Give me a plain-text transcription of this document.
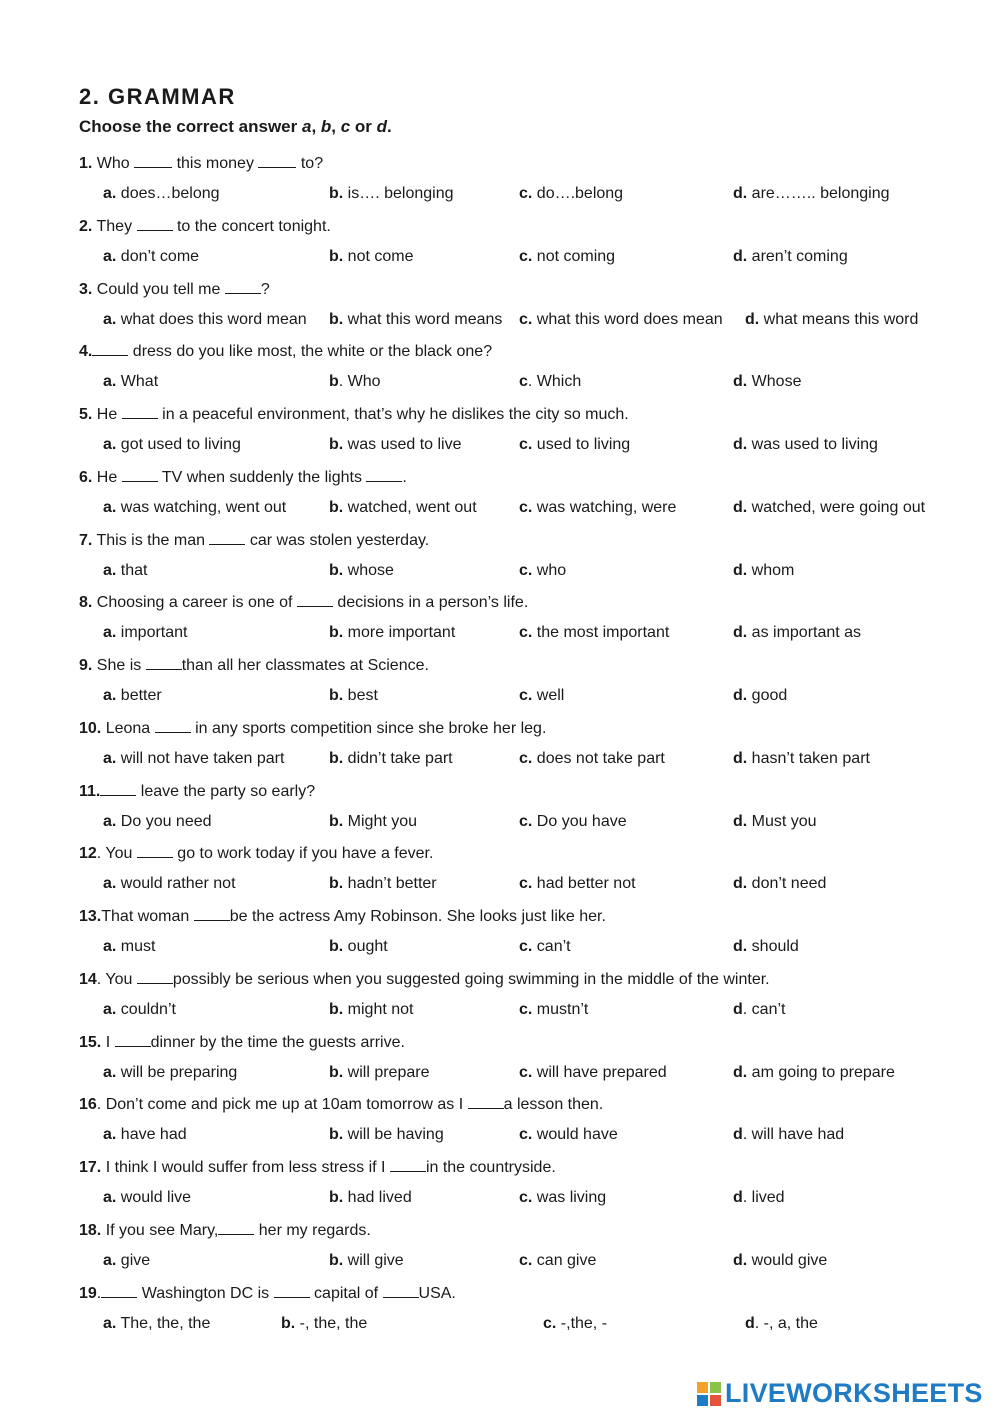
2. GRAMMAR
Choose the correct answer a, b, c or d.
1. Who  this money  to?
a. does…belong	b. is…. belonging	c. do….belong	d. are…….. belonging
2. They  to the concert tonight.
a. don’t come	b. not come	c. not coming	d. aren’t coming
3. Could you tell me ?
a. what does this word mean b. what this word means c. what this word does mean d. what means this word
4. dress do you like most, the white or the black one?
a. What	b. Who	c. Which	d. Whose
5. He  in a peaceful environment, that’s why he dislikes the city so much.
a. got used to living	b. was used to live	c. used to living	d. was used to living
6. He  TV when suddenly the lights .
a. was watching, went out	b. watched, went out	c. was watching, were	d. watched, were going out
7. This is the man  car was stolen yesterday.
a. that	b. whose	c. who	d. whom
8. Choosing a career is one of  decisions in a person’s life.
a. important	b. more important	c. the most important	d. as important as
9. She is than all her classmates at Science.
a. better	b. best	c. well	d. good
10. Leona  in any sports competition since she broke her leg.
a. will not have taken part	b. didn’t take part	c. does not take part	d. hasn’t taken part
11. leave the party so early?
a. Do you need	b. Might you	c. Do you have	d. Must you
12. You  go to work today if you have a fever.
a. would rather not	b. hadn’t better	c. had better not	d. don’t need
13.That woman be the actress Amy Robinson. She looks just like her.
a. must	b. ought	c. can’t	d. should
14. You possibly be serious when you suggested going swimming in the middle of the winter.
a. couldn’t	b. might not	c. mustn’t	d. can’t
15. I dinner by the time the guests arrive.
a. will be preparing	b. will prepare	c. will have prepared	d. am going to prepare
16. Don’t come and pick me up at 10am tomorrow as I a lesson then.
a. have had	b. will be having	c. would have	d. will have had
17. I think I would suffer from less stress if I in the countryside.
a. would live	b. had lived	c. was living	d. lived
18. If you see Mary, her my regards.
a. give	b. will give	c. can give	d. would give
19. Washington DC is  capital of USA.
a. The, the, the	b. -, the, the	c. -,the, -	d. -, a, the
LIVEWORKSHEETS
